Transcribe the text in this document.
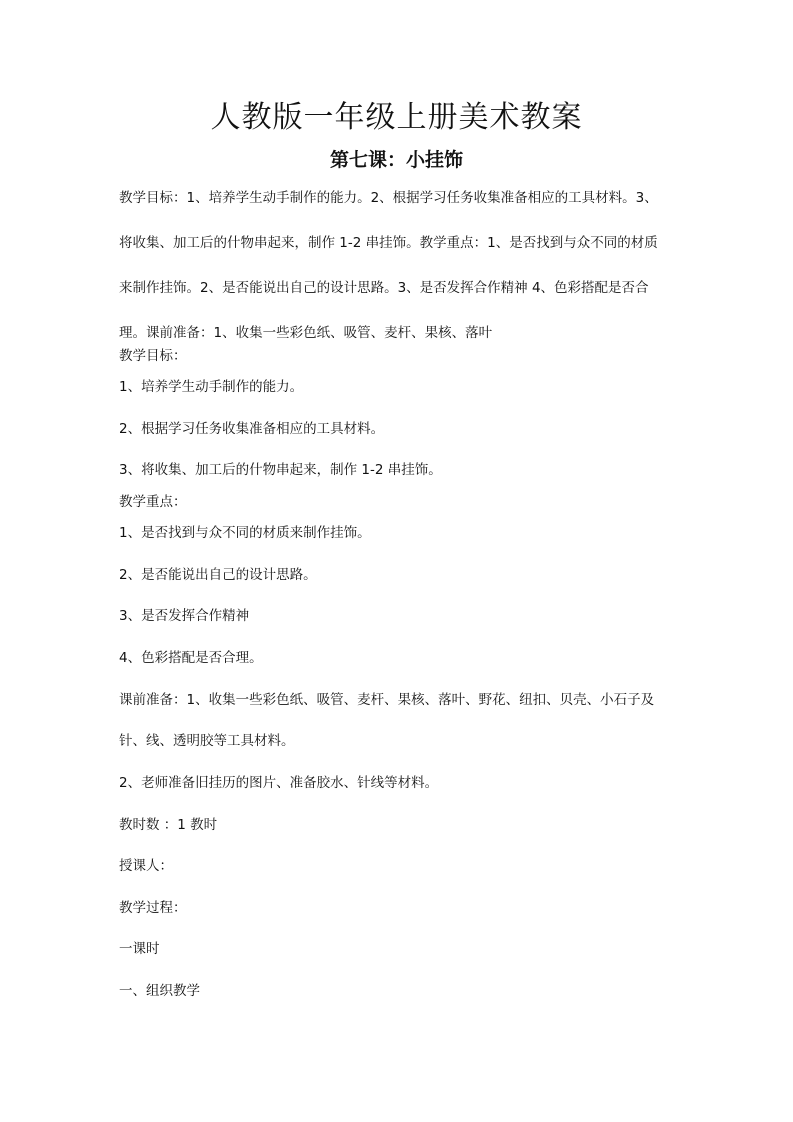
人教版一年级上册美术教案
第七课：小挂饰
教学目标：1、培养学生动手制作的能力。2、根据学习任务收集准备相应的工具材料。3、
将收集、加工后的什物串起来，制作 1-2 串挂饰。教学重点：1、是否找到与众不同的材质
来制作挂饰。2、是否能说出自己的设计思路。3、是否发挥合作精神 4、色彩搭配是否合
理。课前准备：1、收集一些彩色纸、吸管、麦杆、果核、落叶
教学目标：
1、培养学生动手制作的能力。
2、根据学习任务收集准备相应的工具材料。
3、将收集、加工后的什物串起来，制作 1-2 串挂饰。
教学重点：
1、是否找到与众不同的材质来制作挂饰。
2、是否能说出自己的设计思路。
3、是否发挥合作精神
4、色彩搭配是否合理。
课前准备：1、收集一些彩色纸、吸管、麦杆、果核、落叶、野花、纽扣、贝壳、小石子及
针、线、透明胶等工具材料。
2、老师准备旧挂历的图片、准备胶水、针线等材料。
教时数 ：1 教时
授课人：
教学过程：
一课时
一、组织教学
